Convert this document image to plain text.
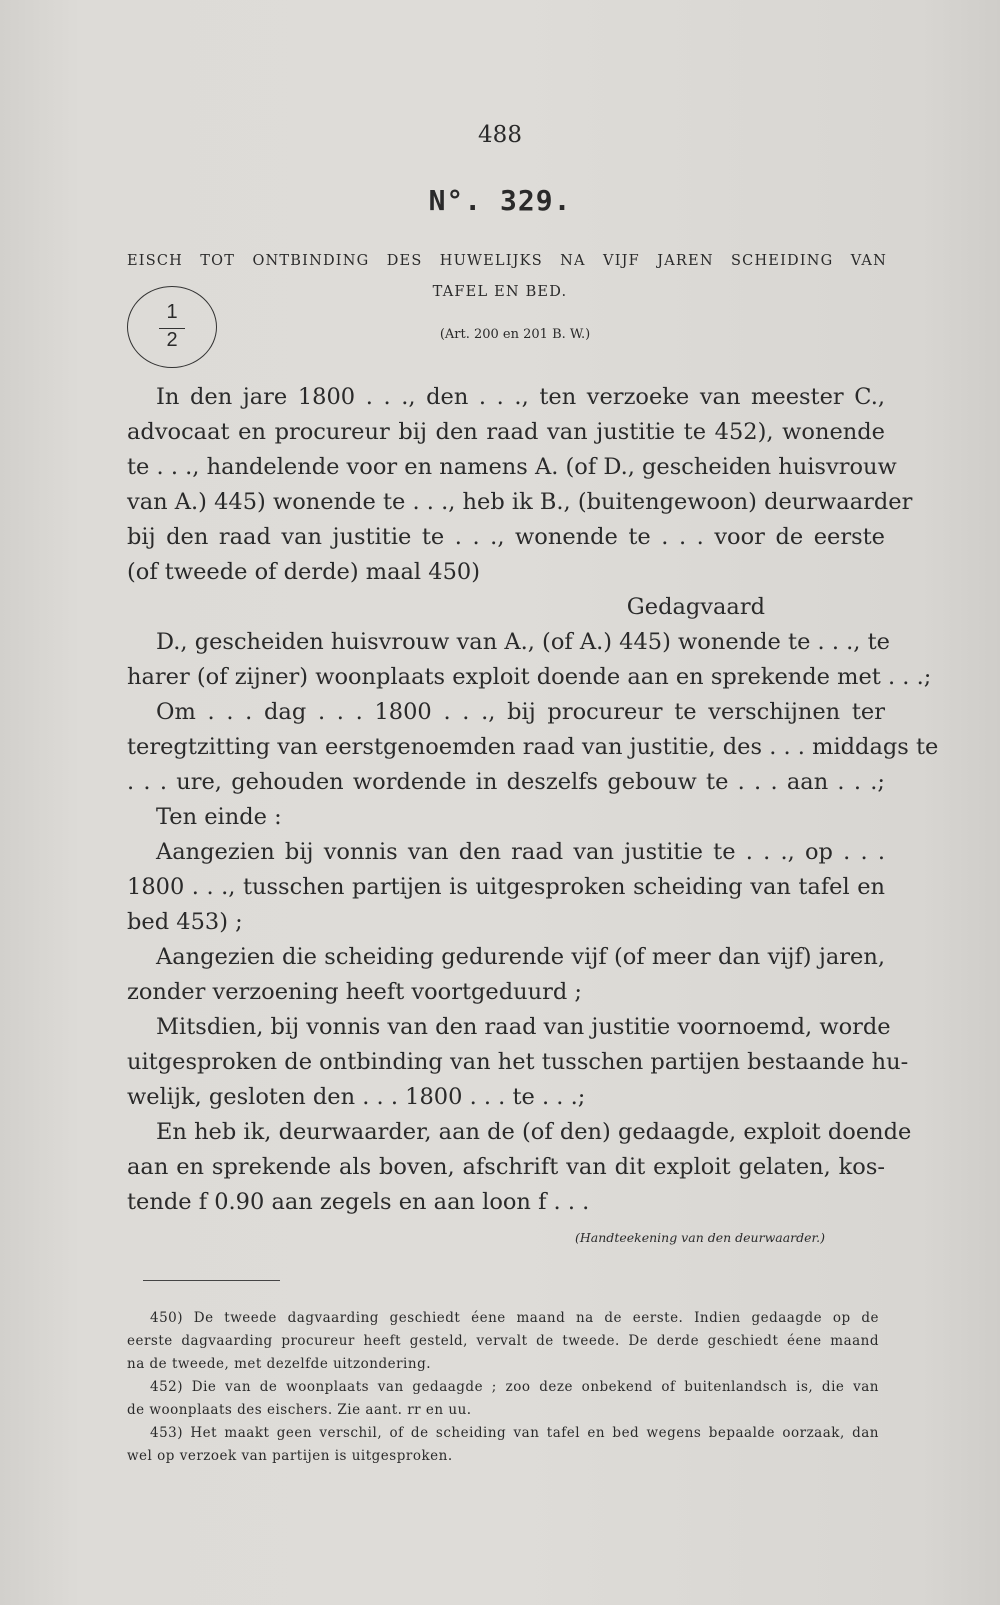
488
N°. 329.
EISCH TOT ONTBINDING DES HUWELIJKS NA VIJF JAREN SCHEIDING VAN
TAFEL EN BED.
(Art. 200 en 201 B. W.)
1
2
In den jare 1800 . . ., den . . ., ten verzoeke van meester C.,
advocaat en procureur bij den raad van justitie te 452), wonende
te . . ., handelende voor en namens A. (of D., gescheiden huisvrouw
van A.) 445) wonende te . . ., heb ik B., (buitengewoon) deurwaarder
bij den raad van justitie te . . ., wonende te . . . voor de eerste
(of tweede of derde) maal 450)
Gedagvaard
D., gescheiden huisvrouw van A., (of A.) 445) wonende te . . ., te
harer (of zijner) woonplaats exploit doende aan en sprekende met . . .;
Om . . . dag . . . 1800 . . ., bij procureur te verschijnen ter
teregtzitting van eerstgenoemden raad van justitie, des . . . middags te
. . . ure, gehouden wordende in deszelfs gebouw te . . . aan . . .;
Ten einde :
Aangezien bij vonnis van den raad van justitie te . . ., op . . .
1800 . . ., tusschen partijen is uitgesproken scheiding van tafel en
bed 453) ;
Aangezien die scheiding gedurende vijf (of meer dan vijf) jaren,
zonder verzoening heeft voortgeduurd ;
Mitsdien, bij vonnis van den raad van justitie voornoemd, worde
uitgesproken de ontbinding van het tusschen partijen bestaande hu-
welijk, gesloten den . . . 1800 . . . te . . .;
En heb ik, deurwaarder, aan de (of den) gedaagde, exploit doende
aan en sprekende als boven, afschrift van dit exploit gelaten, kos-
tende f 0.90 aan zegels en aan loon f . . .
(Handteekening van den deurwaarder.)
450) De tweede dagvaarding geschiedt éene maand na de eerste. Indien gedaagde op de
eerste dagvaarding procureur heeft gesteld, vervalt de tweede. De derde geschiedt éene maand
na de tweede, met dezelfde uitzondering.
452) Die van de woonplaats van gedaagde ; zoo deze onbekend of buitenlandsch is, die van
de woonplaats des eischers. Zie aant. rr en uu.
453) Het maakt geen verschil, of de scheiding van tafel en bed wegens bepaalde oorzaak, dan
wel op verzoek van partijen is uitgesproken.
